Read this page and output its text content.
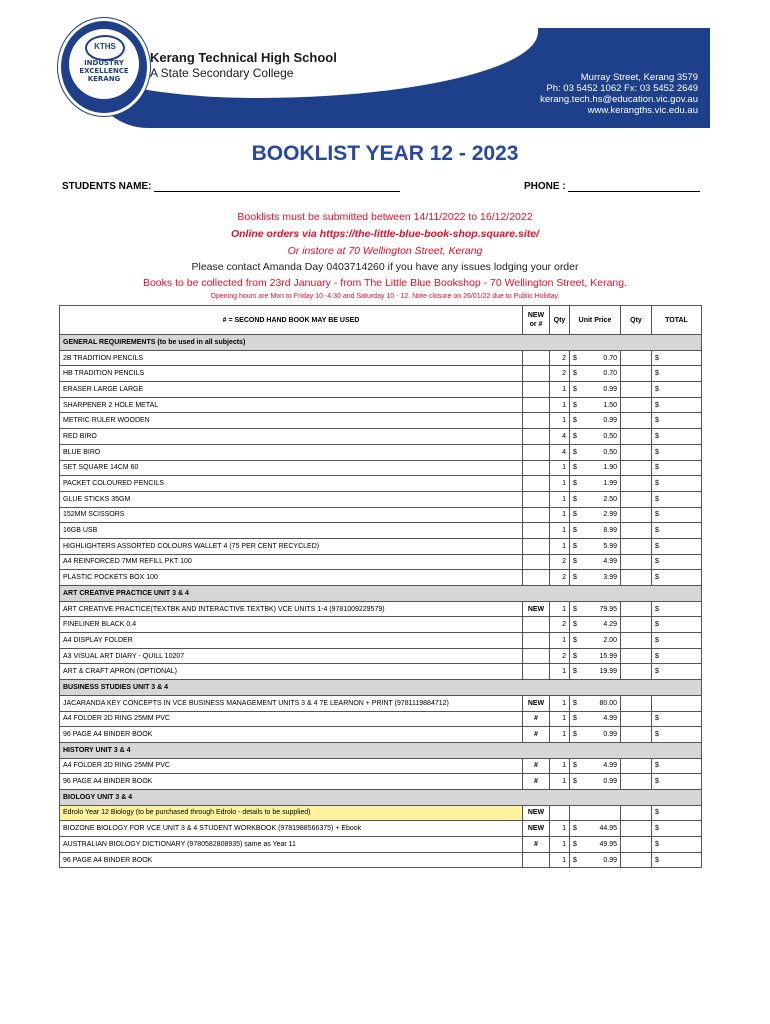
Murray Street, Kerang 3579
Ph: 03 5452 1062 Fx: 03 5452 2649
kerang.tech.hs@education.vic.gov.au
www.kerangths.vic.edu.au
KTHS
INDUSTRY EXCELLENCE KERANG
Kerang Technical High School
A State Secondary College
BOOKLIST YEAR 12 - 2023
STUDENTS NAME:	PHONE :
Booklists must be submitted between 14/11/2022 to 16/12/2022
Online orders via https://the-little-blue-book-shop.square.site/
Or instore at 70 Wellington Street, Kerang
Please contact Amanda Day 0403714260 if you have any issues lodging your order
Books to be collected from 23rd January - from The Little Blue Bookshop - 70 Wellington Street, Kerang.
Opening hours are Mon to Friday 10 -4:30 and Saturday 10 - 12. Note closure on 26/01/22 due to Public Holiday.
# = SECOND HAND BOOK MAY BE USED	NEW or #	Qty	Unit Price	Qty	TOTAL
GENERAL REQUIREMENTS (to be used in all subjects)					
2B TRADITION PENCILS		2	$ 0.70		$
HB TRADITION PENCILS		2	$ 0.70		$
ERASER LARGE LARGE		1	$ 0.99		$
SHARPENER 2 HOLE METAL		1	$ 1.50		$
METRIC RULER WOODEN		1	$ 0.99		$
RED BIRO		4	$ 0.50		$
BLUE BIRO		4	$ 0.50		$
SET SQUARE 14CM 60		1	$ 1.90		$
PACKET COLOURED PENCILS		1	$ 1.99		$
GLUE STICKS 35GM		1	$ 2.50		$
152MM SCISSORS		1	$ 2.99		$
16GB USB		1	$ 8.99		$
HIGHLIGHTERS ASSORTED COLOURS WALLET 4 (75 PER CENT RECYCLED)		1	$ 5.99		$
A4 REINFORCED 7MM REFILL PKT 100		2	$ 4.99		$
PLASTIC POCKETS BOX 100		2	$ 3.99		$
ART CREATIVE PRACTICE UNIT 3 & 4					
ART CREATIVE PRACTICE(TEXTBK AND INTERACTIVE TEXTBK) VCE UNITS 1-4 (9781009229579)	NEW	1	$ 79.95		$
FINELINER BLACK 0.4		2	$ 4.29		$
A4 DISPLAY FOLDER		1	$ 2.00		$
A3 VISUAL ART DIARY - QUILL 10207		2	$ 15.99		$
ART & CRAFT APRON (OPTIONAL)		1	$ 19.99		$
BUSINESS STUDIES UNIT 3 & 4					
JACARANDA KEY CONCEPTS IN VCE BUSINESS MANAGEMENT UNITS 3 & 4 7E LEARNON + PRINT (9781119884712)	NEW	1	$ 80.00		

A4 FOLDER 2D RING 25MM PVC	#	1	$ 4.99		$
96 PAGE A4 BINDER BOOK	#	1	$ 0.99		$
HISTORY UNIT 3 & 4					
A4 FOLDER 2D RING 25MM PVC	#	1	$ 4.99		$
96 PAGE A4 BINDER BOOK	#	1	$ 0.99		$
BIOLOGY UNIT 3 & 4					
Edrolo Year 12 Biology (to be purchased through Edrolo - details to be supplied)	NEW				$
BIOZONE BIOLOGY FOR VCE UNIT 3 & 4 STUDENT WORKBOOK (9781988566375) + Ebook	NEW	1	$ 44.95		$
AUSTRALIAN BIOLOGY DICTIONARY (9780582808935) same as Year 11	#	1	$ 49.95		$
96 PAGE A4 BINDER BOOK		1	$ 0.99		$
